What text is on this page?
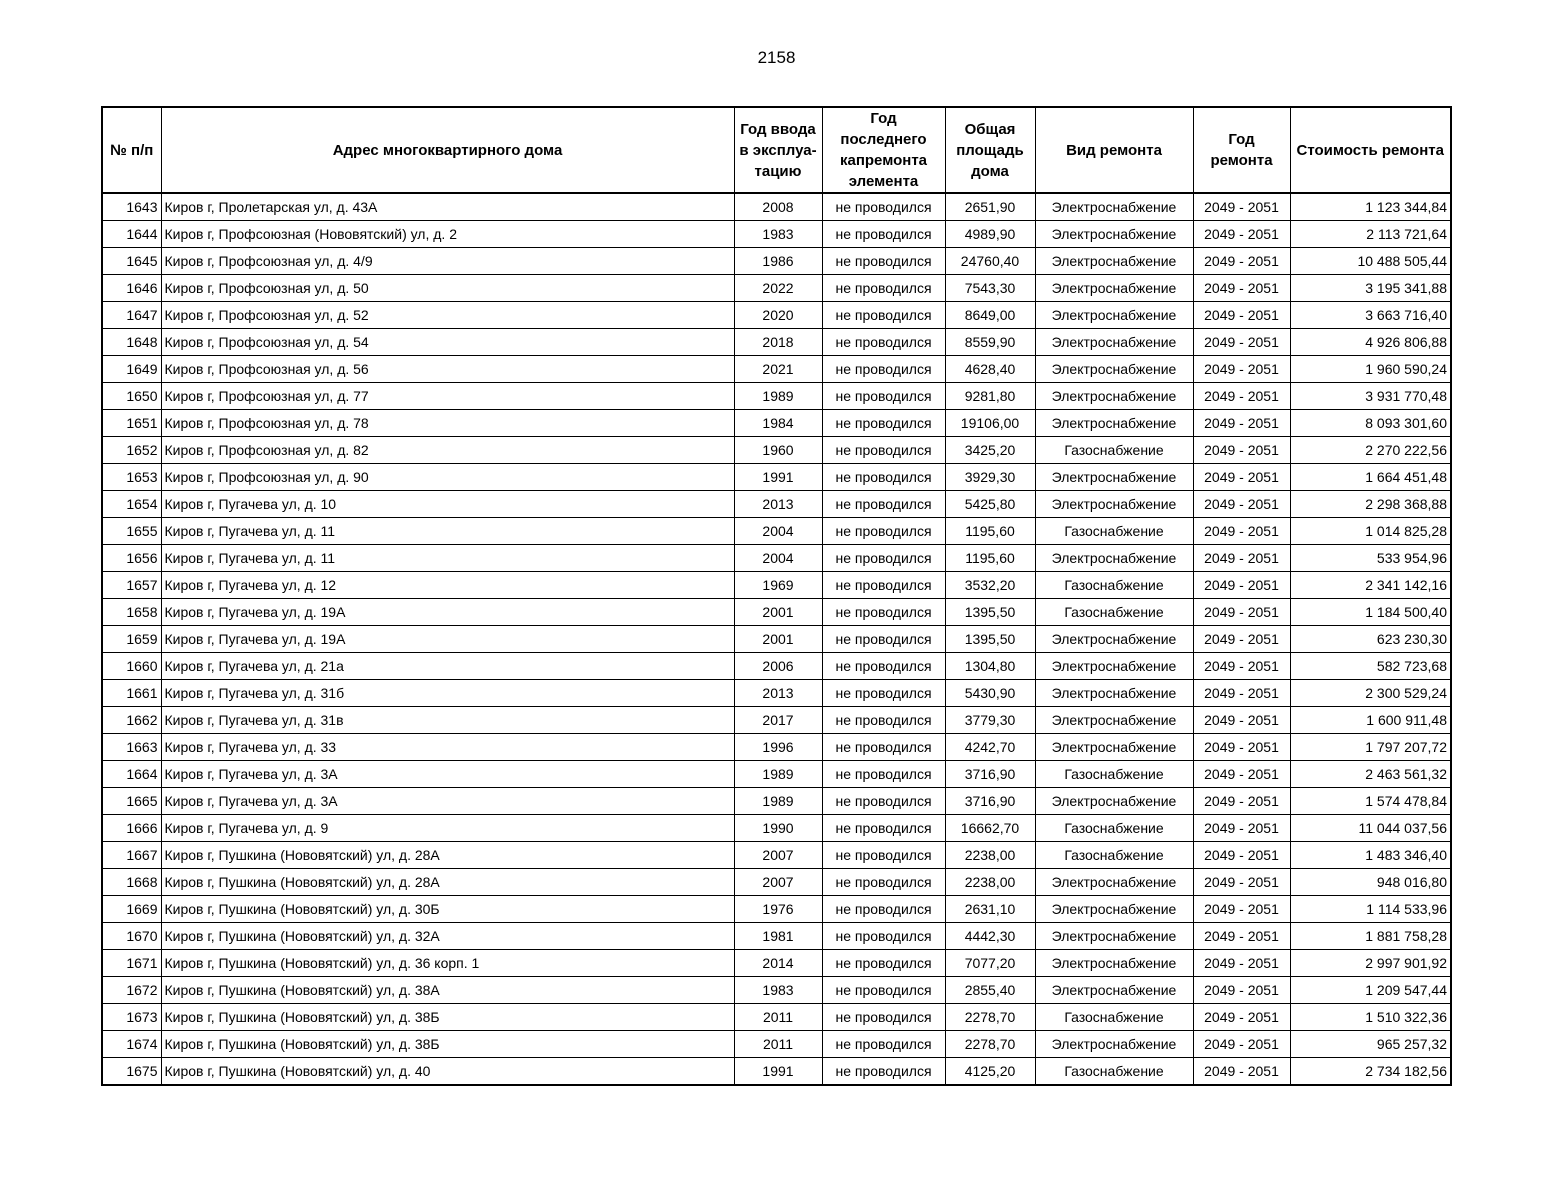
2158
№ п/п	Адрес многоквартирного дома	Год ввода в эксплуа-тацию	Год последнего капремонта элемента	Общая площадь дома	Вид ремонта	Год ремонта	Стоимость ремонта
1643	Киров г, Пролетарская ул, д. 43А	2008	не проводился	2651,90	Электроснабжение	2049 - 2051	1 123 344,84
1644	Киров г, Профсоюзная (Нововятский) ул, д. 2	1983	не проводился	4989,90	Электроснабжение	2049 - 2051	2 113 721,64
1645	Киров г, Профсоюзная ул, д. 4/9	1986	не проводился	24760,40	Электроснабжение	2049 - 2051	10 488 505,44
1646	Киров г, Профсоюзная ул, д. 50	2022	не проводился	7543,30	Электроснабжение	2049 - 2051	3 195 341,88
1647	Киров г, Профсоюзная ул, д. 52	2020	не проводился	8649,00	Электроснабжение	2049 - 2051	3 663 716,40
1648	Киров г, Профсоюзная ул, д. 54	2018	не проводился	8559,90	Электроснабжение	2049 - 2051	4 926 806,88
1649	Киров г, Профсоюзная ул, д. 56	2021	не проводился	4628,40	Электроснабжение	2049 - 2051	1 960 590,24
1650	Киров г, Профсоюзная ул, д. 77	1989	не проводился	9281,80	Электроснабжение	2049 - 2051	3 931 770,48
1651	Киров г, Профсоюзная ул, д. 78	1984	не проводился	19106,00	Электроснабжение	2049 - 2051	8 093 301,60
1652	Киров г, Профсоюзная ул, д. 82	1960	не проводился	3425,20	Газоснабжение	2049 - 2051	2 270 222,56
1653	Киров г, Профсоюзная ул, д. 90	1991	не проводился	3929,30	Электроснабжение	2049 - 2051	1 664 451,48
1654	Киров г, Пугачева ул, д. 10	2013	не проводился	5425,80	Электроснабжение	2049 - 2051	2 298 368,88
1655	Киров г, Пугачева ул, д. 11	2004	не проводился	1195,60	Газоснабжение	2049 - 2051	1 014 825,28
1656	Киров г, Пугачева ул, д. 11	2004	не проводился	1195,60	Электроснабжение	2049 - 2051	533 954,96
1657	Киров г, Пугачева ул, д. 12	1969	не проводился	3532,20	Газоснабжение	2049 - 2051	2 341 142,16
1658	Киров г, Пугачева ул, д. 19А	2001	не проводился	1395,50	Газоснабжение	2049 - 2051	1 184 500,40
1659	Киров г, Пугачева ул, д. 19А	2001	не проводился	1395,50	Электроснабжение	2049 - 2051	623 230,30
1660	Киров г, Пугачева ул, д. 21а	2006	не проводился	1304,80	Электроснабжение	2049 - 2051	582 723,68
1661	Киров г, Пугачева ул, д. 31б	2013	не проводился	5430,90	Электроснабжение	2049 - 2051	2 300 529,24
1662	Киров г, Пугачева ул, д. 31в	2017	не проводился	3779,30	Электроснабжение	2049 - 2051	1 600 911,48
1663	Киров г, Пугачева ул, д. 33	1996	не проводился	4242,70	Электроснабжение	2049 - 2051	1 797 207,72
1664	Киров г, Пугачева ул, д. 3А	1989	не проводился	3716,90	Газоснабжение	2049 - 2051	2 463 561,32
1665	Киров г, Пугачева ул, д. 3А	1989	не проводился	3716,90	Электроснабжение	2049 - 2051	1 574 478,84
1666	Киров г, Пугачева ул, д. 9	1990	не проводился	16662,70	Газоснабжение	2049 - 2051	11 044 037,56
1667	Киров г, Пушкина (Нововятский) ул, д. 28А	2007	не проводился	2238,00	Газоснабжение	2049 - 2051	1 483 346,40
1668	Киров г, Пушкина (Нововятский) ул, д. 28А	2007	не проводился	2238,00	Электроснабжение	2049 - 2051	948 016,80
1669	Киров г, Пушкина (Нововятский) ул, д. 30Б	1976	не проводился	2631,10	Электроснабжение	2049 - 2051	1 114 533,96
1670	Киров г, Пушкина (Нововятский) ул, д. 32А	1981	не проводился	4442,30	Электроснабжение	2049 - 2051	1 881 758,28
1671	Киров г, Пушкина (Нововятский) ул, д. 36 корп. 1	2014	не проводился	7077,20	Электроснабжение	2049 - 2051	2 997 901,92
1672	Киров г, Пушкина (Нововятский) ул, д. 38А	1983	не проводился	2855,40	Электроснабжение	2049 - 2051	1 209 547,44
1673	Киров г, Пушкина (Нововятский) ул, д. 38Б	2011	не проводился	2278,70	Газоснабжение	2049 - 2051	1 510 322,36
1674	Киров г, Пушкина (Нововятский) ул, д. 38Б	2011	не проводился	2278,70	Электроснабжение	2049 - 2051	965 257,32
1675	Киров г, Пушкина (Нововятский) ул, д. 40	1991	не проводился	4125,20	Газоснабжение	2049 - 2051	2 734 182,56
